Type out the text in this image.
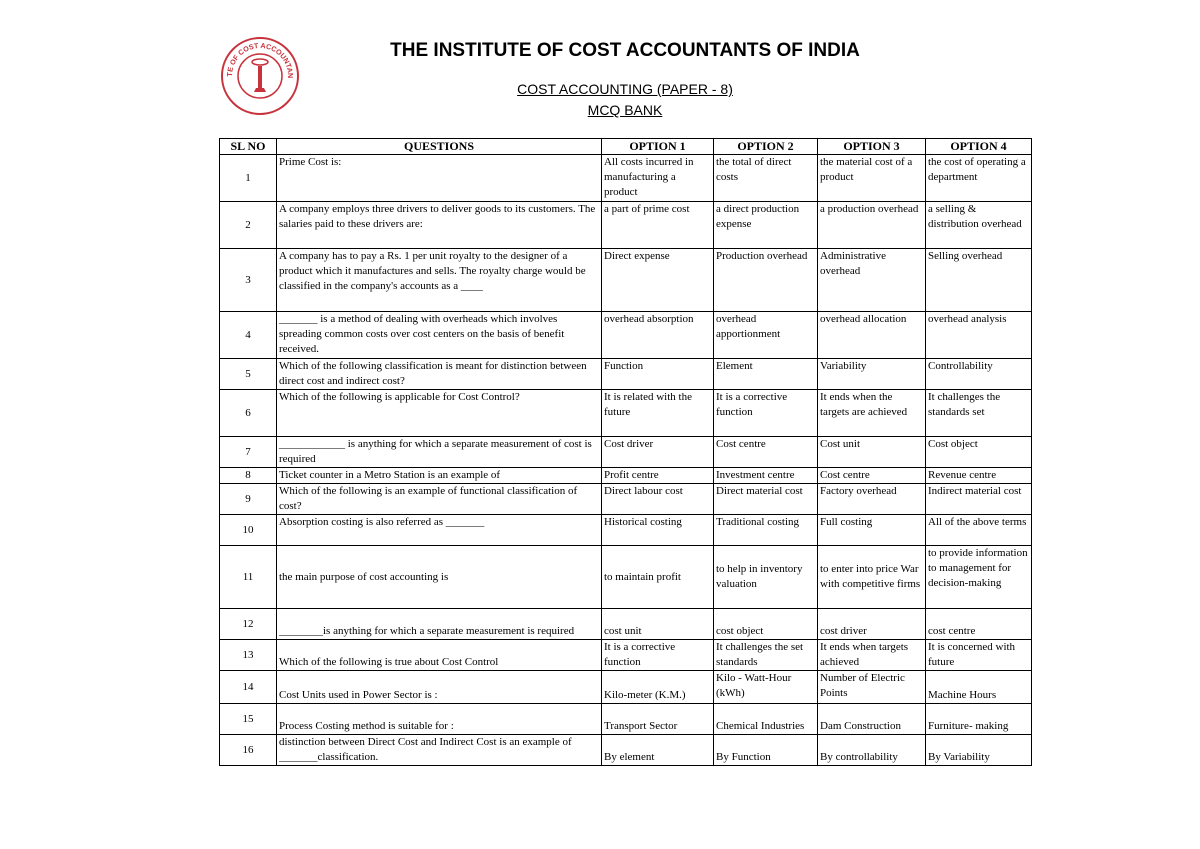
TE OF COST ACCOUNTAN
THE INSTITUTE OF COST ACCOUNTANTS OF INDIA
COST ACCOUNTING (PAPER - 8)
MCQ BANK
SL NO	QUESTIONS	OPTION 1	OPTION 2	OPTION 3	OPTION 4
1	Prime Cost is:	All costs incurred in manufacturing a product	the total of direct costs	the material cost of a product	the cost of operating a department
2	A company employs three drivers to deliver goods to its customers. The salaries paid to these drivers are:	a part of prime cost	a direct production expense	a production overhead	a selling & distribution overhead
3	A company has to pay a Rs. 1 per unit royalty to the designer of a product which it manufactures and sells. The royalty charge would be classified in the company's accounts as a ____	Direct expense	Production overhead	Administrative overhead	Selling overhead
4	_______ is a method of dealing with overheads which involves spreading common costs over cost centers on the basis of benefit received.	overhead absorption	overhead apportionment	overhead allocation	overhead analysis
5	Which of the following classification is meant for distinction between direct cost and indirect cost?	Function	Element	Variability	Controllability
6	Which of the following is applicable for Cost Control?	It is related with the future	It is a corrective function	It ends when the targets are achieved	It challenges the standards set
7	____________ is anything for which a separate measurement of cost is required	Cost driver	Cost centre	Cost unit	Cost object
8	Ticket counter in a Metro Station is an example of	Profit centre	Investment centre	Cost centre	Revenue centre
9	Which of the following is an example of functional classification of cost?	Direct labour cost	Direct material cost	Factory overhead	Indirect material cost
10	Absorption costing is also referred as _______	Historical costing	Traditional costing	Full costing	All of the above terms
11	the main purpose of cost accounting is	to maintain profit	to help in inventory valuation	to enter into price War with competitive firms	to provide information to management for decision-making
12	________is anything for which a separate measurement is required	cost unit	cost object	cost driver	cost centre
13	Which of the following is true about Cost Control	It is a corrective function	It challenges the set standards	It ends when targets achieved	It is concerned with future
14	Cost Units used in Power Sector is :	Kilo-meter (K.M.)	Kilo - Watt-Hour (kWh)	Number of Electric Points	Machine Hours
15	Process Costing method is suitable for :	Transport Sector	Chemical Industries	Dam Construction	Furniture- making
16	distinction between Direct Cost and Indirect Cost is an example of _______classification.	By element	By Function	By controllability	By Variability
